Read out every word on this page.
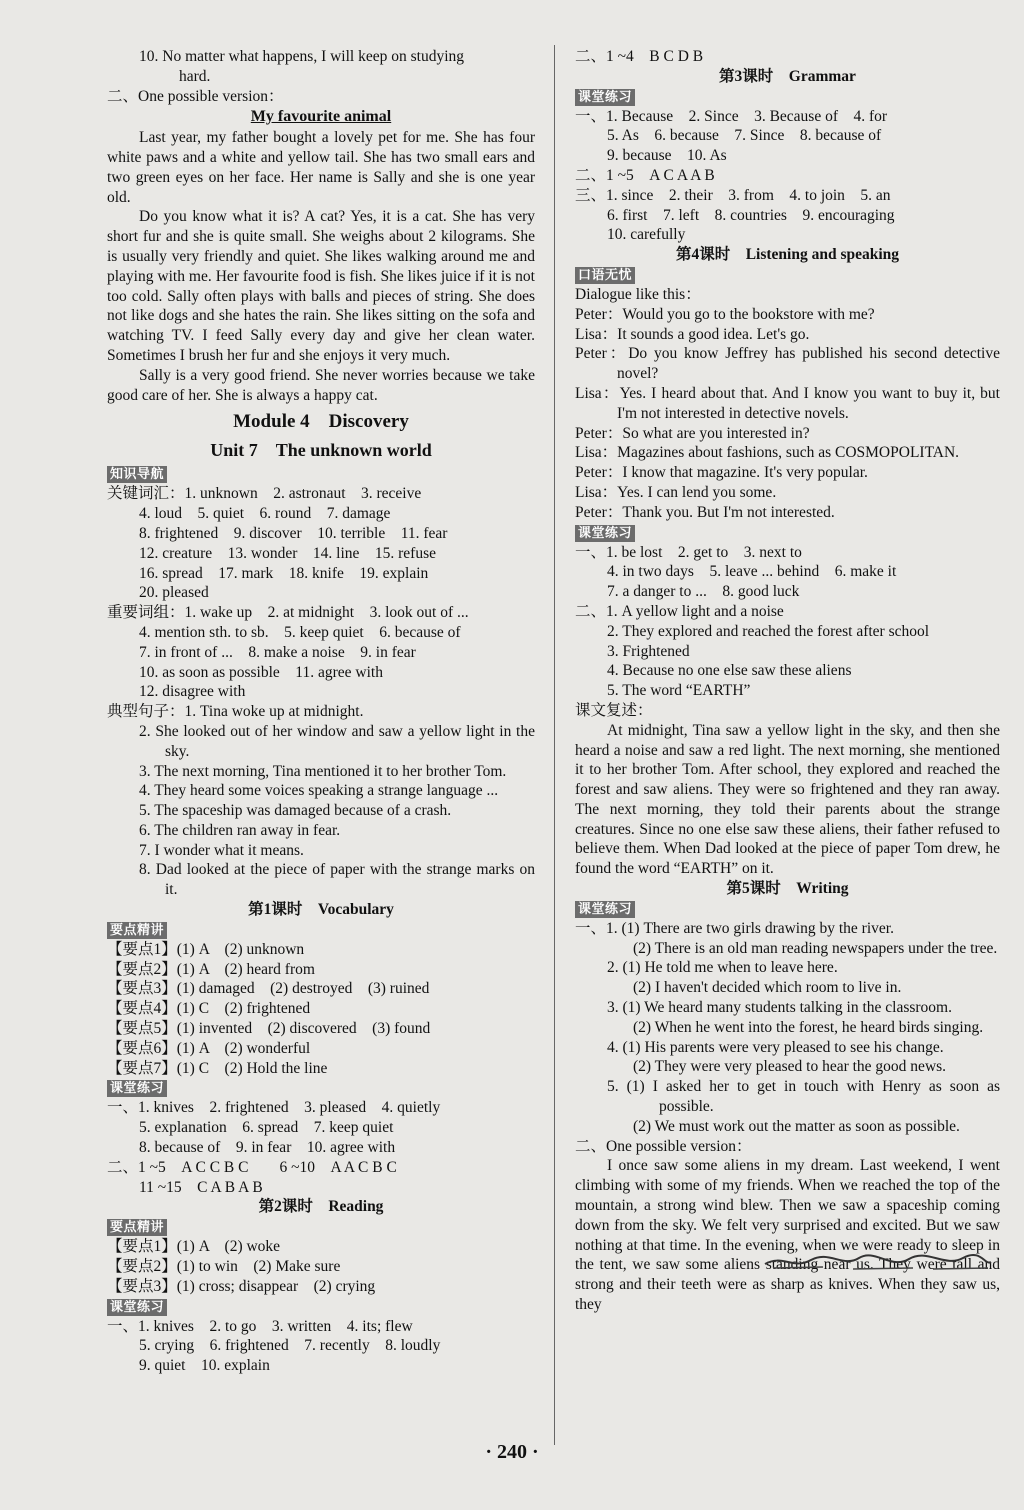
10. No matter what happens, I will keep on studying
hard.
二、One possible version：
My favourite animal
Last year, my father bought a lovely pet for me. She has four white paws and a white and yellow tail. She has two small ears and two green eyes on her face. Her name is Sally and she is one year old.
Do you know what it is? A cat? Yes, it is a cat. She has very short fur and she is quite small. She weighs about 2 kilograms. She is usually very friendly and quiet. She likes walking around me and playing with me. Her favourite food is fish. She likes juice if it is not too cold. Sally often plays with balls and pieces of string. She does not like dogs and she hates the rain. She likes sitting on the sofa and watching TV. I feed Sally every day and give her clean water. Sometimes I brush her fur and she enjoys it very much.
Sally is a very good friend. She never worries because we take good care of her. She is always a happy cat.
Module 4　Discovery
Unit 7　The unknown world
知识导航
关键词汇：1. unknown　2. astronaut　3. receive
4. loud　5. quiet　6. round　7. damage
8. frightened　9. discover　10. terrible　11. fear
12. creature　13. wonder　14. line　15. refuse
16. spread　17. mark　18. knife　19. explain
20. pleased
重要词组：1. wake up　2. at midnight　3. look out of ...
4. mention sth. to sb.　5. keep quiet　6. because of
7. in front of ...　8. make a noise　9. in fear
10. as soon as possible　11. agree with
12. disagree with
典型句子：1. Tina woke up at midnight.
2. She looked out of her window and saw a yellow light in the sky.
3. The next morning, Tina mentioned it to her brother Tom.
4. They heard some voices speaking a strange language ...
5. The spaceship was damaged because of a crash.
6. The children ran away in fear.
7. I wonder what it means.
8. Dad looked at the piece of paper with the strange marks on it.
第1课时　Vocabulary
要点精讲
【要点1】(1) A　(2) unknown
【要点2】(1) A　(2) heard from
【要点3】(1) damaged　(2) destroyed　(3) ruined
【要点4】(1) C　(2) frightened
【要点5】(1) invented　(2) discovered　(3) found
【要点6】(1) A　(2) wonderful
【要点7】(1) C　(2) Hold the line
课堂练习
一、1. knives　2. frightened　3. pleased　4. quietly
5. explanation　6. spread　7. keep quiet
8. because of　9. in fear　10. agree with
二、1 ~5　A C C B C　　6 ~10　A A C B C
11 ~15　C A B A B
第2课时　Reading
要点精讲
【要点1】(1) A　(2) woke
【要点2】(1) to win　(2) Make sure
【要点3】(1) cross; disappear　(2) crying
课堂练习
一、1. knives　2. to go　3. written　4. its; flew
5. crying　6. frightened　7. recently　8. loudly
9. quiet　10. explain
二、1 ~4　B C D B
第3课时　Grammar
课堂练习
一、1. Because　2. Since　3. Because of　4. for
5. As　6. because　7. Since　8. because of
9. because　10. As
二、1 ~5　A C A A B
三、1. since　2. their　3. from　4. to join　5. an
6. first　7. left　8. countries　9. encouraging
10. carefully
第4课时　Listening and speaking
口语无忧
Dialogue like this：
Peter：Would you go to the bookstore with me?
Lisa：It sounds a good idea. Let's go.
Peter：Do you know Jeffrey has published his second detective novel?
Lisa：Yes. I heard about that. And I know you want to buy it, but I'm not interested in detective novels.
Peter：So what are you interested in?
Lisa：Magazines about fashions, such as COSMOPOLITAN.
Peter：I know that magazine. It's very popular.
Lisa：Yes. I can lend you some.
Peter：Thank you. But I'm not interested.
课堂练习
一、1. be lost　2. get to　3. next to
4. in two days　5. leave ... behind　6. make it
7. a danger to ...　8. good luck
二、1. A yellow light and a noise
2. They explored and reached the forest after school
3. Frightened
4. Because no one else saw these aliens
5. The word “EARTH”
课文复述：
At midnight, Tina saw a yellow light in the sky, and then she heard a noise and saw a red light. The next morning, she mentioned it to her brother Tom. After school, they explored and reached the forest and saw aliens. They were so frightened and they ran away. The next morning, they told their parents about the strange creatures. Since no one else saw these aliens, their father refused to believe them. When Dad looked at the piece of paper Tom drew, he found the word “EARTH” on it.
第5课时　Writing
课堂练习
一、1. (1) There are two girls drawing by the river.
(2) There is an old man reading newspapers under the tree.
2. (1) He told me when to leave here.
(2) I haven't decided which room to live in.
3. (1) We heard many students talking in the classroom.
(2) When he went into the forest, he heard birds singing.
4. (1) His parents were very pleased to see his change.
(2) They were very pleased to hear the good news.
5. (1) I asked her to get in touch with Henry as soon as possible.
(2) We must work out the matter as soon as possible.
二、One possible version：
I once saw some aliens in my dream. Last weekend, I went climbing with some of my friends. When we reached the top of the mountain, a strong wind blew. Then we saw a spaceship coming down from the sky. We felt very surprised and excited. But we saw nothing at that time. In the evening, when we were ready to sleep in the tent, we saw some aliens standing near us. They were tall and strong and their teeth were as sharp as knives. When they saw us, they
· 240 ·
